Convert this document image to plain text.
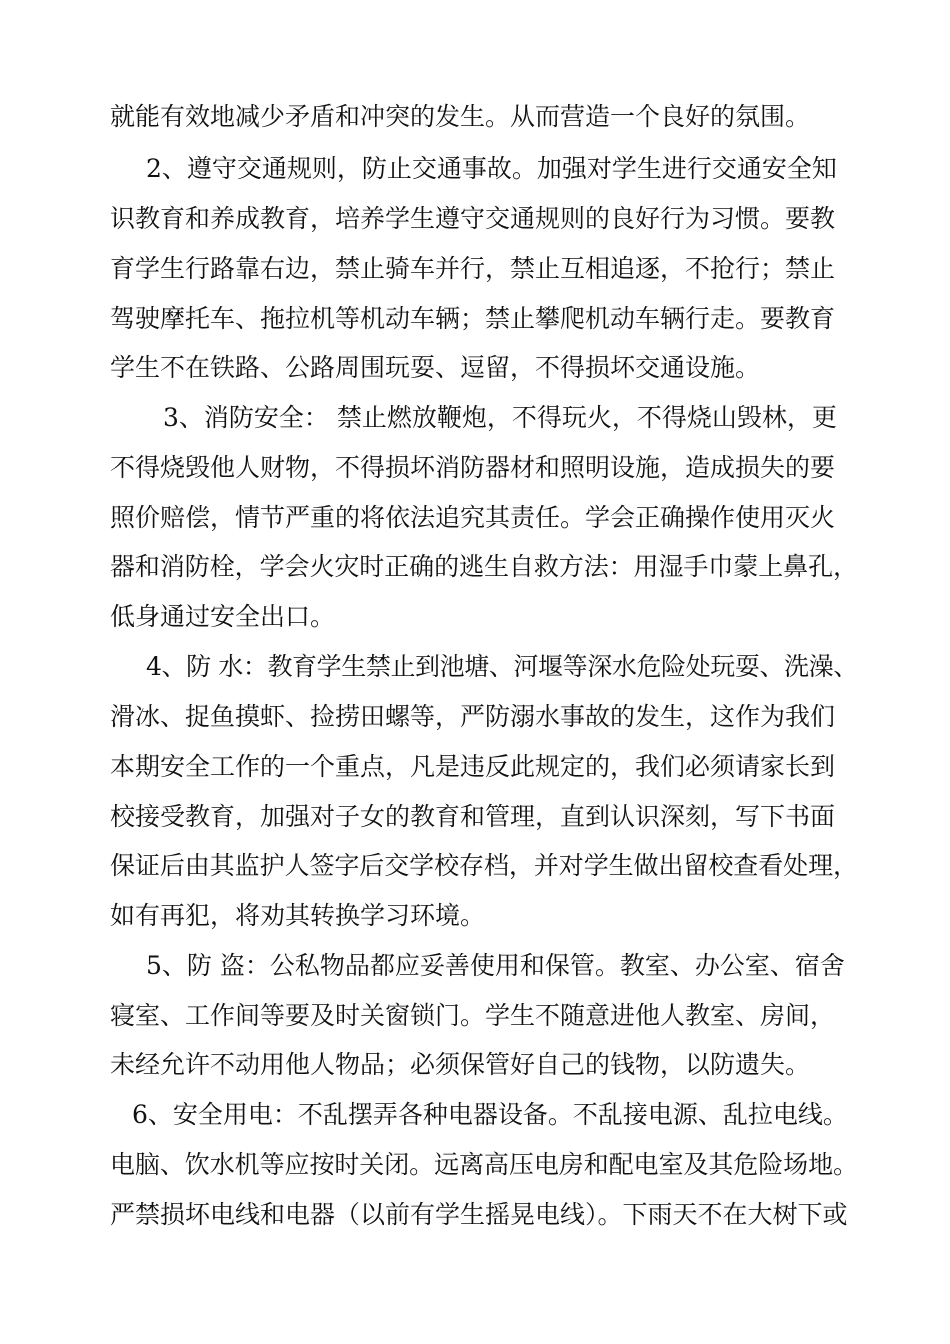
就能有效地减少矛盾和冲突的发生。从而营造一个良好的氛围。
2、遵守交通规则，防止交通事故。加强对学生进行交通安全知
识教育和养成教育，培养学生遵守交通规则的良好行为习惯。要教
育学生行路靠右边，禁止骑车并行，禁止互相追逐，不抢行；禁止
驾驶摩托车、拖拉机等机动车辆；禁止攀爬机动车辆行走。要教育
学生不在铁路、公路周围玩耍、逗留，不得损坏交通设施。
3、消防安全： 禁止燃放鞭炮，不得玩火，不得烧山毁林，更
不得烧毁他人财物，不得损坏消防器材和照明设施，造成损失的要
照价赔偿，情节严重的将依法追究其责任。学会正确操作使用灭火
器和消防栓，学会火灾时正确的逃生自救方法：用湿手巾蒙上鼻孔，
低身通过安全出口。
4、防 水：教育学生禁止到池塘、河堰等深水危险处玩耍、洗澡、
滑冰、捉鱼摸虾、捡捞田螺等，严防溺水事故的发生，这作为我们
本期安全工作的一个重点，凡是违反此规定的，我们必须请家长到
校接受教育，加强对子女的教育和管理，直到认识深刻，写下书面
保证后由其监护人签字后交学校存档，并对学生做出留校查看处理，
如有再犯，将劝其转换学习环境。
5、防 盗：公私物品都应妥善使用和保管。教室、办公室、宿舍
寝室、工作间等要及时关窗锁门。学生不随意进他人教室、房间，
未经允许不动用他人物品；必须保管好自己的钱物，以防遗失。
6、安全用电：不乱摆弄各种电器设备。不乱接电源、乱拉电线。
电脑、饮水机等应按时关闭。远离高压电房和配电室及其危险场地。
严禁损坏电线和电器（以前有学生摇晃电线）。下雨天不在大树下或
